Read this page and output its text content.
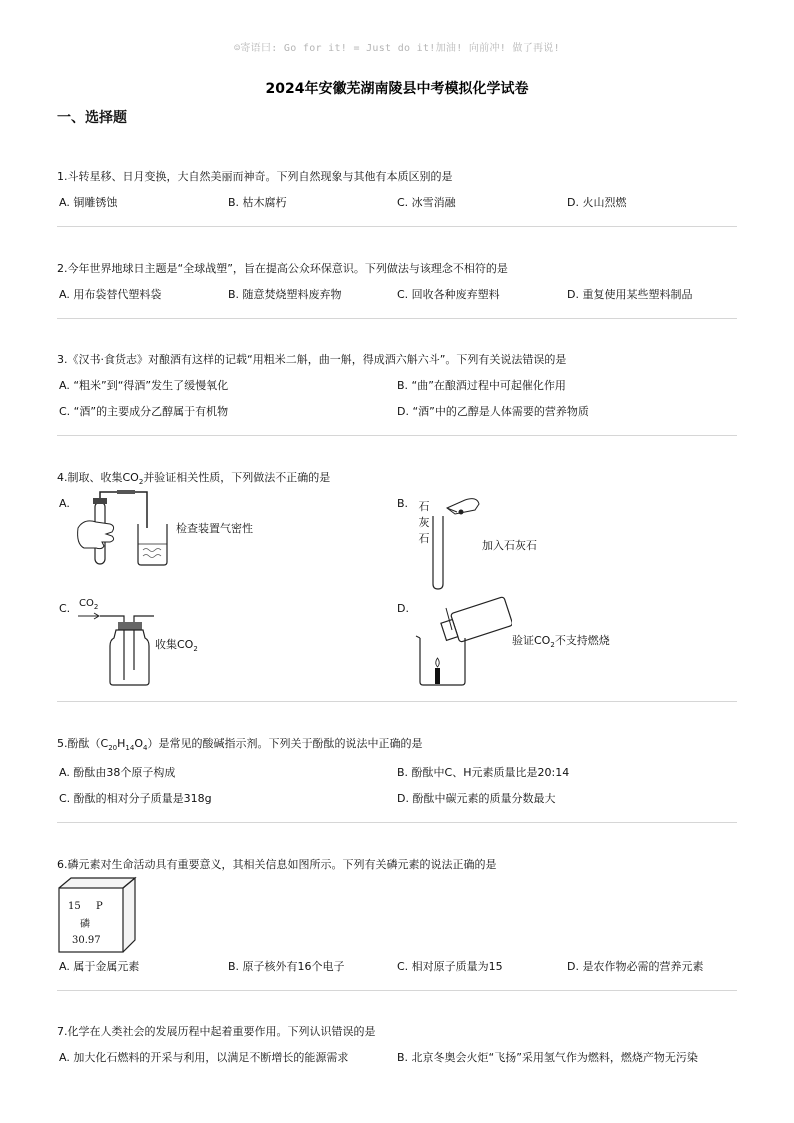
☺寄语曰: Go for it! = Just do it!加油! 向前冲! 做了再说!
2024年安徽芜湖南陵县中考模拟化学试卷
一、选择题
1.斗转星移、日月变换，大自然美丽而神奇。下列自然现象与其他有本质区别的是
A. 铜雕锈蚀	B. 枯木腐朽	C. 冰雪消融	D. 火山烈燃
2.今年世界地球日主题是“全球战塑”，旨在提高公众环保意识。下列做法与该理念不相符的是
A. 用布袋替代塑料袋	B. 随意焚烧塑料废弃物	C. 回收各种废弃塑料	D. 重复使用某些塑料制品
3.《汉书·食货志》对酿酒有这样的记载“用粗米二斛，曲一斛，得成酒六斛六斗”。下列有关说法错误的是
A. “粗米”到“得酒”发生了缓慢氧化	B. “曲”在酿酒过程中可起催化作用
C. “酒”的主要成分乙醇属于有机物	D. “酒”中的乙醇是人体需要的营养物质
4.制取、收集$CO_2$并验证相关性质，下列做法不正确的是
A.
检查装置气密性
B. 石
灰
石
加入石灰石
C. $CO_2$
收集$CO_2$
D.
验证$CO_2$不支持燃烧
5.酚酞$(C_{20}H_{14}O_4)$是常见的酸碱指示剂。下列关于酚酞的说法中正确的是
A. 酚酞由38个原子构成	B. 酚酞中C、H元素质量比是20:14
C. 酚酞的相对分子质量是318g	D. 酚酞中碳元素的质量分数最大
6.磷元素对生命活动具有重要意义，其相关信息如图所示。下列有关磷元素的说法正确的是
15 P
磷
30.97
A. 属于金属元素	B. 原子核外有16个电子	C. 相对原子质量为15	D. 是农作物必需的营养元素
7.化学在人类社会的发展历程中起着重要作用。下列认识错误的是
A. 加大化石燃料的开采与利用，以满足不断增长的能源需求	B. 北京冬奥会火炬“飞扬”采用氢气作为燃料，燃烧产物无污染
